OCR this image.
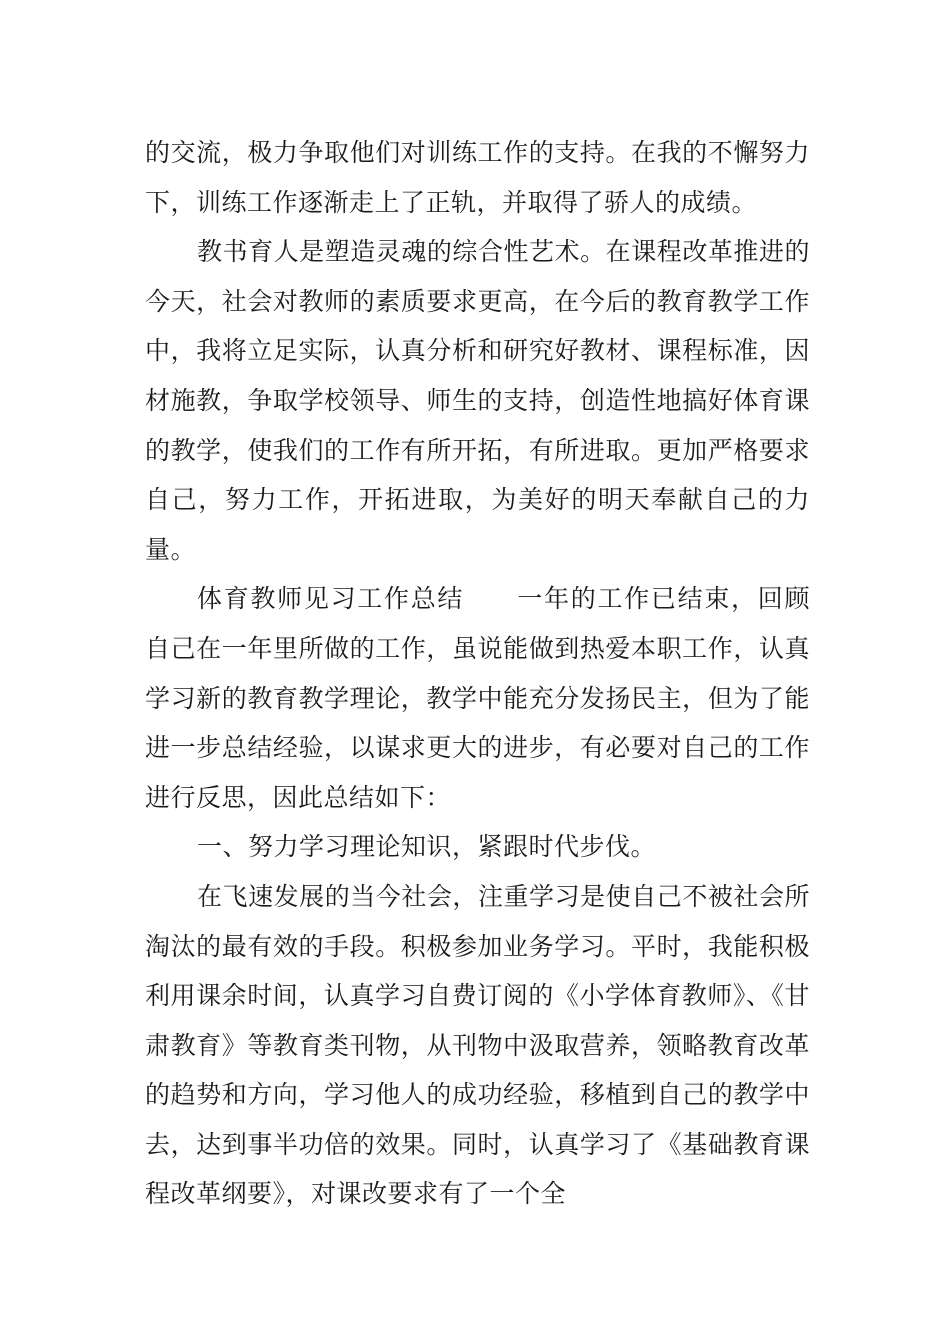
的交流，极力争取他们对训练工作的支持。在我的不懈努力下，训练工作逐渐走上了正轨，并取得了骄人的成绩。

教书育人是塑造灵魂的综合性艺术。在课程改革推进的今天，社会对教师的素质要求更高，在今后的教育教学工作中，我将立足实际，认真分析和研究好教材、课程标准，因材施教，争取学校领导、师生的支持，创造性地搞好体育课的教学，使我们的工作有所开拓，有所进取。更加严格要求自己，努力工作，开拓进取，为美好的明天奉献自己的力量。

体育教师见习工作总结 一年的工作已结束，回顾自己在一年里所做的工作，虽说能做到热爱本职工作，认真学习新的教育教学理论，教学中能充分发扬民主，但为了能进一步总结经验，以谋求更大的进步，有必要对自己的工作进行反思，因此总结如下：

一、努力学习理论知识，紧跟时代步伐。

在飞速发展的当今社会，注重学习是使自己不被社会所淘汰的最有效的手段。积极参加业务学习。平时，我能积极利用课余时间，认真学习自费订阅的《小学体育教师》、《甘肃教育》等教育类刊物，从刊物中汲取营养，领略教育改革的趋势和方向，学习他人的成功经验，移植到自己的教学中去，达到事半功倍的效果。同时，认真学习了《基础教育课程改革纲要》，对课改要求有了一个全
